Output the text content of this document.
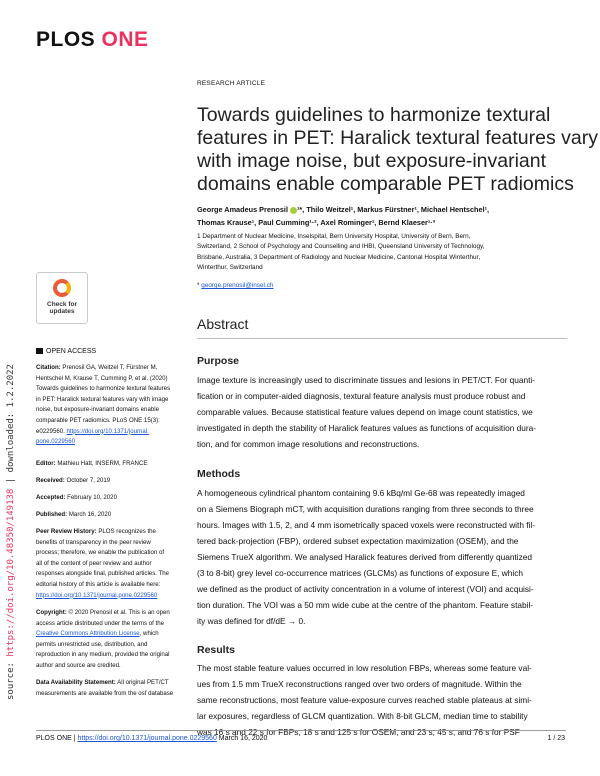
PLOS ONE
source: https://doi.org/10.48350/149138 | downloaded: 1.2.2022
RESEARCH ARTICLE
Towards guidelines to harmonize textural
features in PET: Haralick textural features vary
with image noise, but exposure-invariant
domains enable comparable PET radiomics
George Amadeus Prenosil ¹*, Thilo Weitzel¹, Markus Fürstner¹, Michael Hentschel¹,
Thomas Krause¹, Paul Cumming¹·², Axel Rominger¹, Bernd Klaeser¹·³
1 Department of Nuclear Medicine, Inselspital, Bern University Hospital, University of Bern, Bern,
Switzerland, 2 School of Psychology and Counselling and IHBI, Queensland University of Technology,
Brisbane, Australia, 3 Department of Radiology and Nuclear Medicine, Cantonal Hospital Winterthur,
Winterthur, Switzerland
* george.prenosil@insel.ch
Check for
updates
OPEN ACCESS
Citation: Prenosil GA, Weitzel T, Fürstner M,
Hentschel M, Krause T, Cumming P, et al. (2020)
Towards guidelines to harmonize textural features
in PET: Haralick textural features vary with image
noise, but exposure-invariant domains enable
comparable PET radiomics. PLoS ONE 15(3):
e0229560. https://doi.org/10.1371/journal.
pone.0229560
Editor: Mathieu Hatt, INSERM, FRANCE
Received: October 7, 2019
Accepted: February 10, 2020
Published: March 16, 2020
Peer Review History: PLOS recognizes the
benefits of transparency in the peer review
process; therefore, we enable the publication of
all of the content of peer review and author
responses alongside final, published articles. The
editorial history of this article is available here:
https://doi.org/10.1371/journal.pone.0229560
Copyright: © 2020 Prenosil et al. This is an open
access article distributed under the terms of the
Creative Commons Attribution License, which
permits unrestricted use, distribution, and
reproduction in any medium, provided the original
author and source are credited.
Data Availability Statement: All original PET/CT
measurements are available from the osf database
Abstract
Purpose
Image texture is increasingly used to discriminate tissues and lesions in PET/CT. For quanti-
fication or in computer-aided diagnosis, textural feature analysis must produce robust and
comparable values. Because statistical feature values depend on image count statistics, we
investigated in depth the stability of Haralick features values as functions of acquisition dura-
tion, and for common image resolutions and reconstructions.
Methods
A homogeneous cylindrical phantom containing 9.6 kBq/ml Ge-68 was repeatedly imaged
on a Siemens Biograph mCT, with acquisition durations ranging from three seconds to three
hours. Images with 1.5, 2, and 4 mm isometrically spaced voxels were reconstructed with fil-
tered back-projection (FBP), ordered subset expectation maximization (OSEM), and the
Siemens TrueX algorithm. We analysed Haralick features derived from differently quantized
(3 to 8-bit) grey level co-occurrence matrices (GLCMs) as functions of exposure E, which
we defined as the product of activity concentration in a volume of interest (VOI) and acquisi-
tion duration. The VOI was a 50 mm wide cube at the centre of the phantom. Feature stabil-
ity was defined for df/dE → 0.
Results
The most stable feature values occurred in low resolution FBPs, whereas some feature val-
ues from 1.5 mm TrueX reconstructions ranged over two orders of magnitude. Within the
same reconstructions, most feature value-exposure curves reached stable plateaus at simi-
lar exposures, regardless of GLCM quantization. With 8-bit GLCM, median time to stability
was 16 s and 22 s for FBPs, 18 s and 125 s for OSEM, and 23 s, 45 s, and 76 s for PSF
PLOS ONE | https://doi.org/10.1371/journal.pone.0229560 March 16, 2020	1 / 23
